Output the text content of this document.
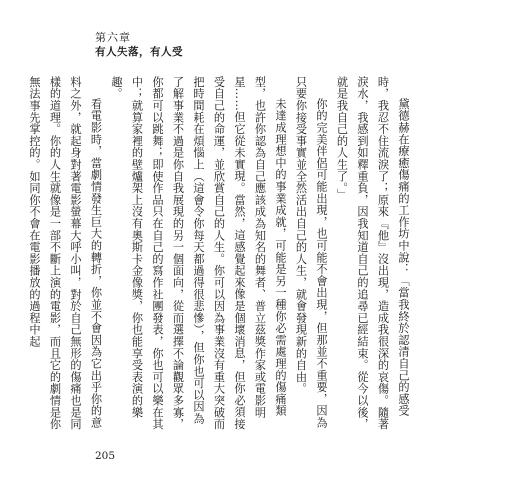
第六章
有人失落，有人受

黛德赫在療癒傷痛的工作坊中說：「當我終於認清自己的感受時，我忍不住流淚了；原來『他』沒出現，造成我很深的哀傷。隨著淚水，我感到如釋重負，因我知道自己的追尋已經結束。從今以後，就是我自己的人生了。」

你的完美伴侶可能出現，也可能不會出現，但那並不重要，因為只要你接受事實並全然活出自己的人生，就會發現新的自由。

未達成理想中的事業成就，可能是另一種你必需處理的傷痛類型，也許你認為自己應該成為知名的舞者、普立茲獎作家或電影明星……但它從未實現。當然，這感覺起來像是個壞消息，但你必須接受自己的命運，並欣賞自己的人生。你可以因為事業沒有重大突破而把時間耗在煩惱上（這會令你每天都過得很悲慘），但你也可以因為了解事業不過是你自我展現的另一個面向，從而選擇不論觀眾多寡，你都可以跳舞；即使作品只在自己的寫作社團發表，你也可以樂在其中；就算家裡的壁爐架上沒有奧斯卡金像獎，你也能享受表演的樂趣。

看電影時，當劇情發生巨大的轉折，你並不會因為它出乎你的意料之外，就起身對著電影螢幕大呼小叫，對於自己無形的傷痛也是同樣的道理。你的人生就像是一部不斷上演的電影，而且它的劇情是你無法事先掌控的。如同你不會在電影播放的過程中起

205
